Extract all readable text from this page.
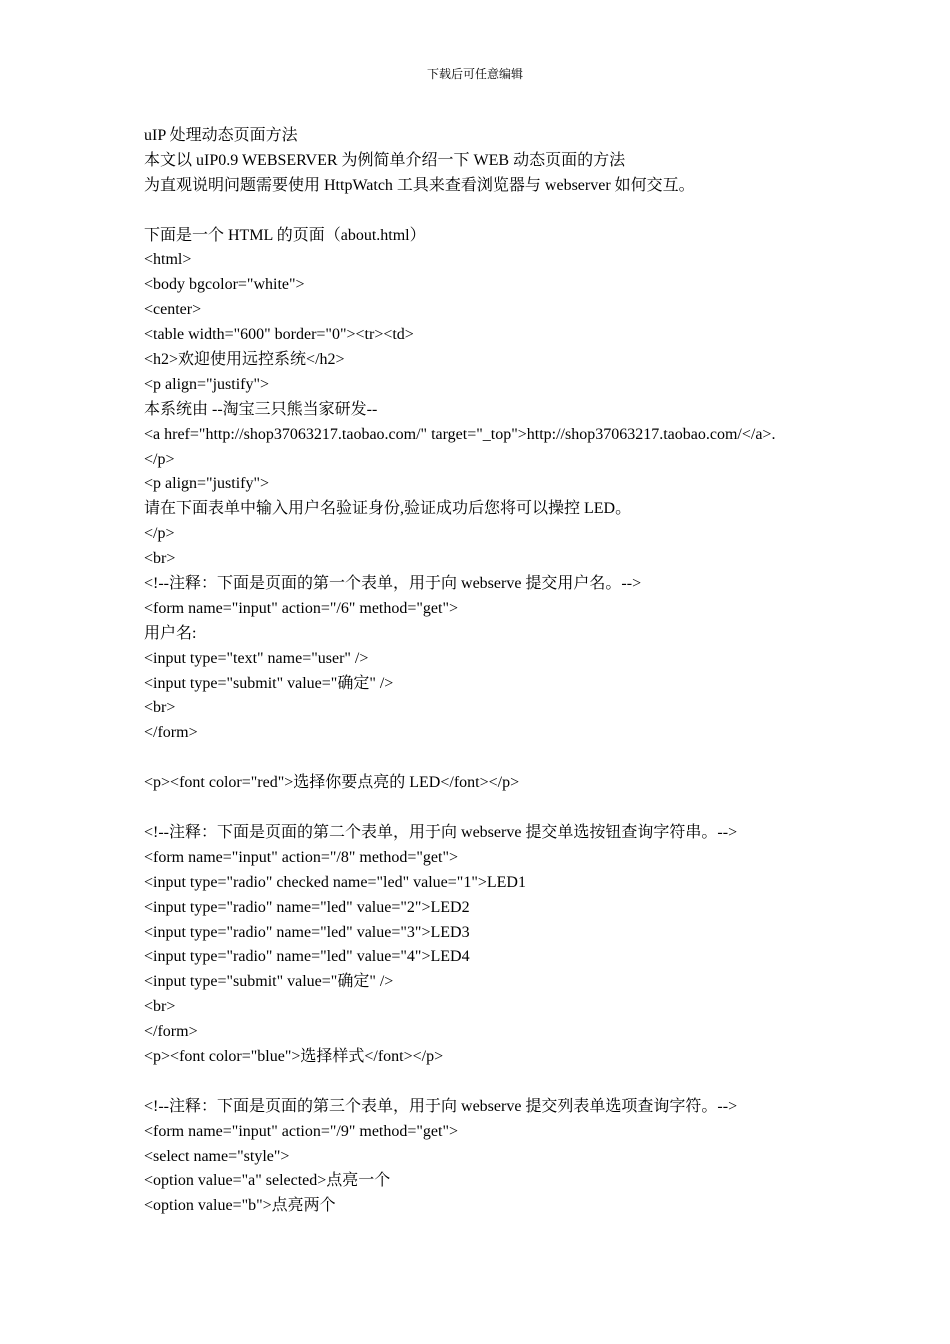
下载后可任意编辑
uIP 处理动态页面方法
本文以 uIP0.9 WEBSERVER 为例简单介绍一下 WEB 动态页面的方法
为直观说明问题需要使用 HttpWatch 工具来查看浏览器与 webserver 如何交互。
下面是一个 HTML 的页面（about.html）
<html>
<body bgcolor="white">
<center>
<table width="600" border="0"><tr><td>
<h2>欢迎使用远控系统</h2>
<p align="justify">
本系统由 --淘宝三只熊当家研发--
<a href="http://shop37063217.taobao.com/" target="_top">http://shop37063217.taobao.com/</a>.
</p>
<p align="justify">
请在下面表单中输入用户名验证身份,验证成功后您将可以操控 LED。
</p>
<br>
<!--注释：下面是页面的第一个表单，用于向 webserve 提交用户名。-->
<form name="input" action="/6" method="get">
用户名:
<input type="text" name="user" />
<input type="submit" value="确定" />
<br>
</form>
<p><font color="red">选择你要点亮的 LED</font></p>
<!--注释：下面是页面的第二个表单，用于向 webserve 提交单选按钮查询字符串。-->
<form name="input" action="/8" method="get">
<input type="radio" checked name="led" value="1">LED1
<input type="radio" name="led" value="2">LED2
<input type="radio" name="led" value="3">LED3
<input type="radio" name="led" value="4">LED4
<input type="submit" value="确定" />
<br>
</form>
<p><font color="blue">选择样式</font></p>
<!--注释：下面是页面的第三个表单，用于向 webserve 提交列表单选项查询字符。-->
<form name="input" action="/9" method="get">
<select name="style">
<option value="a" selected>点亮一个
<option value="b">点亮两个
